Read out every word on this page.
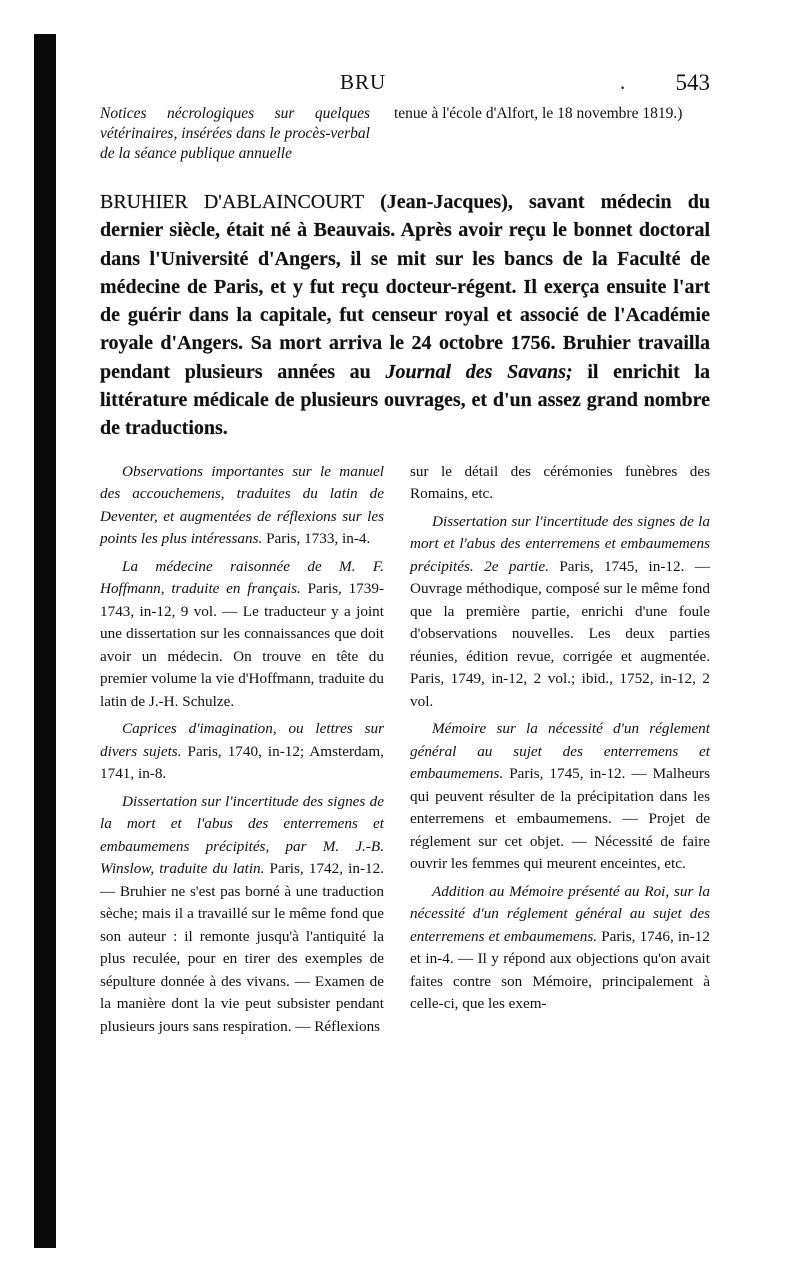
BRU	. 543
Notices nécrologiques sur quelques vétérinaires, insérées dans le procès-verbal de la séance publique annuelle
tenue à l'école d'Alfort, le 18 novembre 1819.)
BRUHIER D'ABLAINCOURT (Jean-Jacques), savant médecin du dernier siècle, était né à Beauvais. Après avoir reçu le bonnet doctoral dans l'Université d'Angers, il se mit sur les bancs de la Faculté de médecine de Paris, et y fut reçu docteur-régent. Il exerça ensuite l'art de guérir dans la capitale, fut censeur royal et associé de l'Académie royale d'Angers. Sa mort arriva le 24 octobre 1756. Bruhier travailla pendant plusieurs années au Journal des Savans; il enrichit la littérature médicale de plusieurs ouvrages, et d'un assez grand nombre de traductions.

Observations importantes sur le manuel des accouchemens, traduites du latin de Deventer, et augmentées de réflexions sur les points les plus intéressans. Paris, 1733, in-4.

La médecine raisonnée de M. F. Hoffmann, traduite en français. Paris, 1739-1743, in-12, 9 vol. — Le traducteur y a joint une dissertation sur les connaissances que doit avoir un médecin. On trouve en tête du premier volume la vie d'Hoffmann, traduite du latin de J.-H. Schulze.

Caprices d'imagination, ou lettres sur divers sujets. Paris, 1740, in-12; Amsterdam, 1741, in-8.

Dissertation sur l'incertitude des signes de la mort et l'abus des enterremens et embaumemens précipités, par M. J.-B. Winslow, traduite du latin. Paris, 1742, in-12. — Bruhier ne s'est pas borné à une traduction sèche; mais il a travaillé sur le même fond que son auteur : il remonte jusqu'à l'antiquité la plus reculée, pour en tirer des exemples de sépulture donnée à des vivans. — Examen de la manière dont la vie peut subsister pendant plusieurs jours sans respiration. — Réflexions

sur le détail des cérémonies funèbres des Romains, etc.

Dissertation sur l'incertitude des signes de la mort et l'abus des enterremens et embaumemens précipités. 2e partie. Paris, 1745, in-12. — Ouvrage méthodique, composé sur le même fond que la première partie, enrichi d'une foule d'observations nouvelles. Les deux parties réunies, édition revue, corrigée et augmentée. Paris, 1749, in-12, 2 vol.; ibid., 1752, in-12, 2 vol.

Mémoire sur la nécessité d'un réglement général au sujet des enterremens et embaumemens. Paris, 1745, in-12. — Malheurs qui peuvent résulter de la précipitation dans les enterremens et embaumemens. — Projet de réglement sur cet objet. — Nécessité de faire ouvrir les femmes qui meurent enceintes, etc.

Addition au Mémoire présenté au Roi, sur la nécessité d'un réglement général au sujet des enterremens et embaumemens. Paris, 1746, in-12 et in-4. — Il y répond aux objections qu'on avait faites contre son Mémoire, principalement à celle-ci, que les exem-
